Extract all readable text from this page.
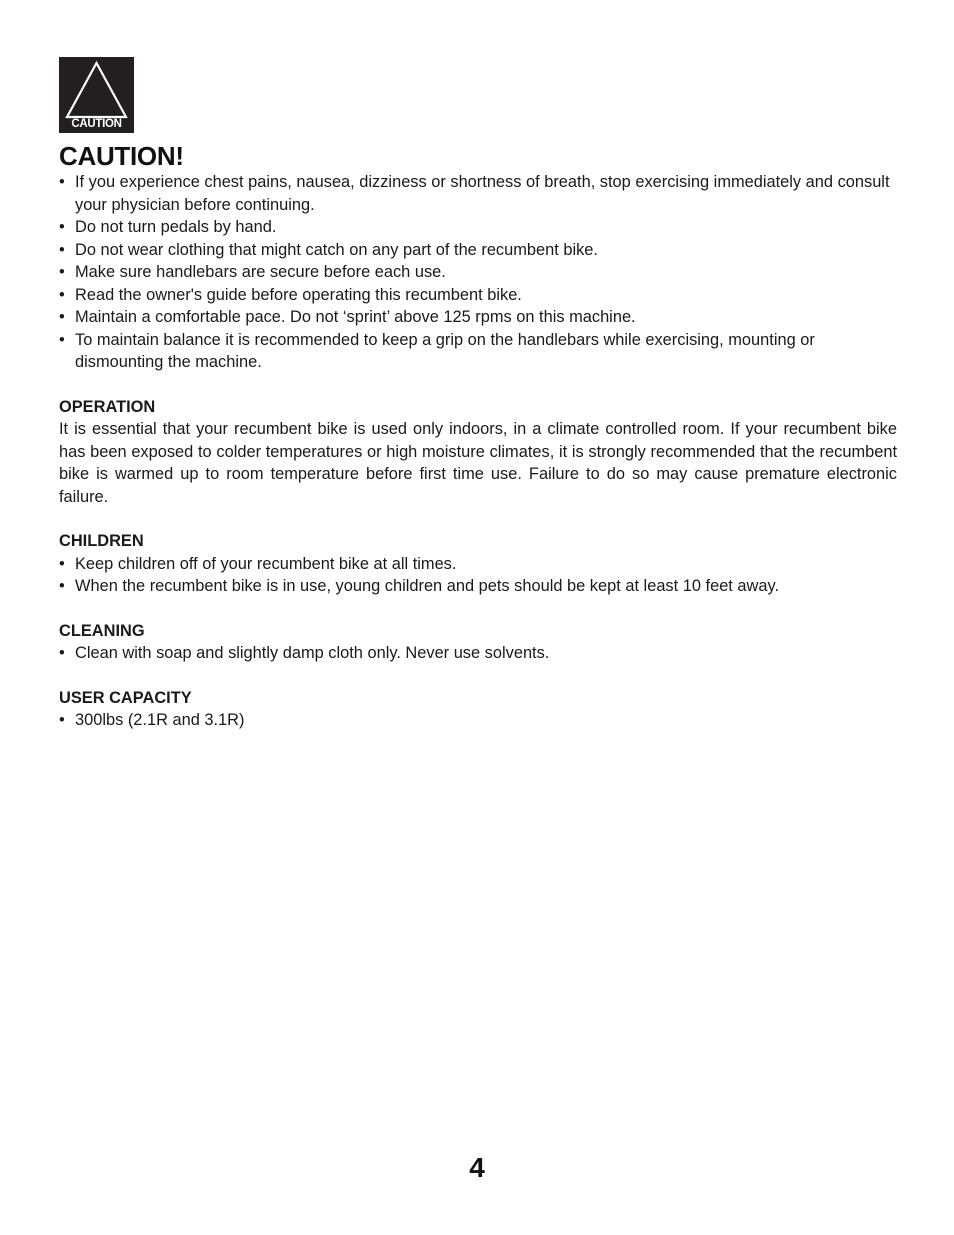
CAUTION
CAUTION!
• If you experience chest pains, nausea, dizziness or shortness of breath, stop exercising immediately and consult your physician before continuing.
• Do not turn pedals by hand.
• Do not wear clothing that might catch on any part of the recumbent bike.
• Make sure handlebars are secure before each use.
• Read the owner's guide before operating this recumbent bike.
• Maintain a comfortable pace. Do not ‘sprint’ above 125 rpms on this machine.
• To maintain balance it is recommended to keep a grip on the handlebars while exercising, mounting or dismounting the machine.
OPERATION

It is essential that your recumbent bike is used only indoors, in a climate controlled room. If your recumbent bike has been exposed to colder temperatures or high moisture climates, it is strongly recommended that the recumbent bike is warmed up to room temperature before first time use. Failure to do so may cause premature electronic failure.

CHILDREN
• Keep children off of your recumbent bike at all times.
• When the recumbent bike is in use, young children and pets should be kept at least 10 feet away.
CLEANING
• Clean with soap and slightly damp cloth only. Never use solvents.
USER CAPACITY
• 300lbs (2.1R and 3.1R)
4
